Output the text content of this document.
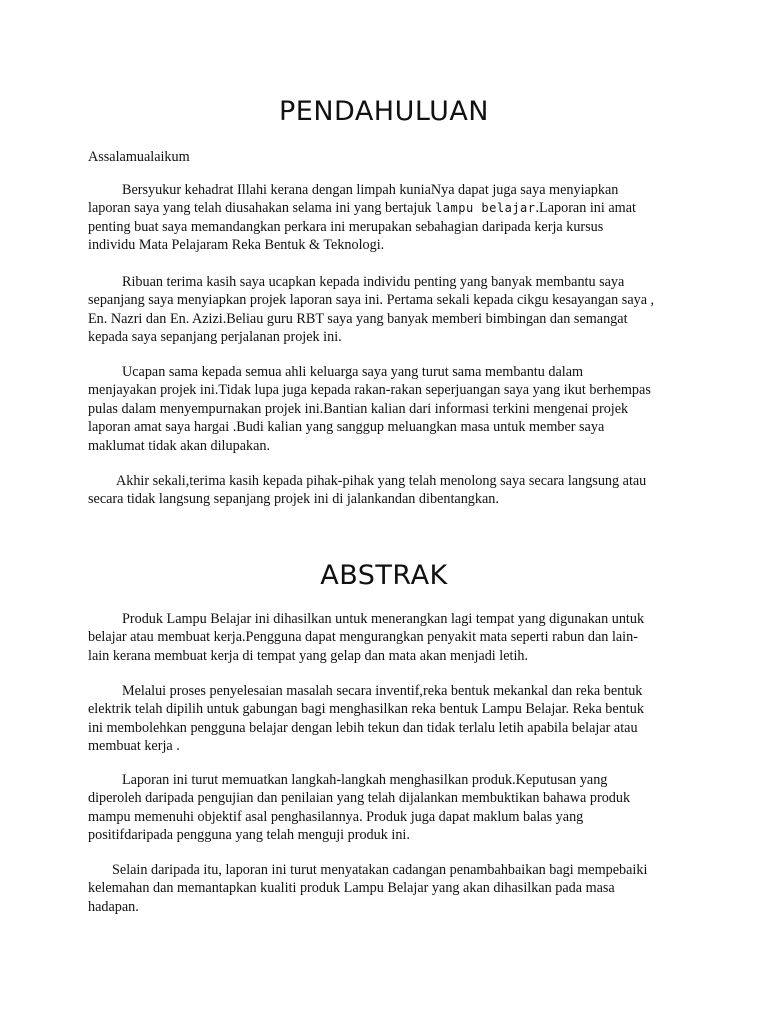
PENDAHULUAN
Assalamualaikum
Bersyukur kehadrat Illahi kerana dengan limpah kuniaNya dapat juga saya menyiapkan
laporan saya yang telah diusahakan selama ini yang bertajuk lampu belajar.Laporan ini amat
penting buat saya memandangkan perkara ini merupakan sebahagian daripada kerja kursus
individu Mata Pelajaram Reka Bentuk & Teknologi.
Ribuan terima kasih saya ucapkan kepada individu penting yang banyak membantu saya
sepanjang saya menyiapkan projek laporan saya ini. Pertama sekali kepada cikgu kesayangan saya ,
En. Nazri dan En. Azizi.Beliau guru RBT saya yang banyak memberi bimbingan dan semangat
kepada saya sepanjang perjalanan projek ini.
Ucapan sama kepada semua ahli keluarga saya yang turut sama membantu dalam
menjayakan projek ini.Tidak lupa juga kepada rakan-rakan seperjuangan saya yang ikut berhempas
pulas dalam menyempurnakan projek ini.Bantian kalian dari informasi terkini mengenai projek
laporan amat saya hargai .Budi kalian yang sanggup meluangkan masa untuk member saya
maklumat tidak akan dilupakan.
Akhir sekali,terima kasih kepada pihak-pihak yang telah menolong saya secara langsung atau
secara tidak langsung sepanjang projek ini di jalankandan dibentangkan.
ABSTRAK
Produk Lampu Belajar ini dihasilkan untuk menerangkan lagi tempat yang digunakan untuk
belajar atau membuat kerja.Pengguna dapat mengurangkan penyakit mata seperti rabun dan lain-
lain kerana membuat kerja di tempat yang gelap dan mata akan menjadi letih.
Melalui proses penyelesaian masalah secara inventif,reka bentuk mekankal dan reka bentuk
elektrik telah dipilih untuk gabungan bagi menghasilkan reka bentuk Lampu Belajar. Reka bentuk
ini membolehkan pengguna belajar dengan lebih tekun dan tidak terlalu letih apabila belajar atau
membuat kerja .
Laporan ini turut memuatkan langkah-langkah menghasilkan produk.Keputusan yang
diperoleh daripada pengujian dan penilaian yang telah dijalankan membuktikan bahawa produk
mampu memenuhi objektif asal penghasilannya. Produk juga dapat maklum balas yang
positifdaripada pengguna yang telah menguji produk ini.
Selain daripada itu, laporan ini turut menyatakan cadangan penambahbaikan bagi mempebaiki
kelemahan dan memantapkan kualiti produk Lampu Belajar yang akan dihasilkan pada masa
hadapan.
